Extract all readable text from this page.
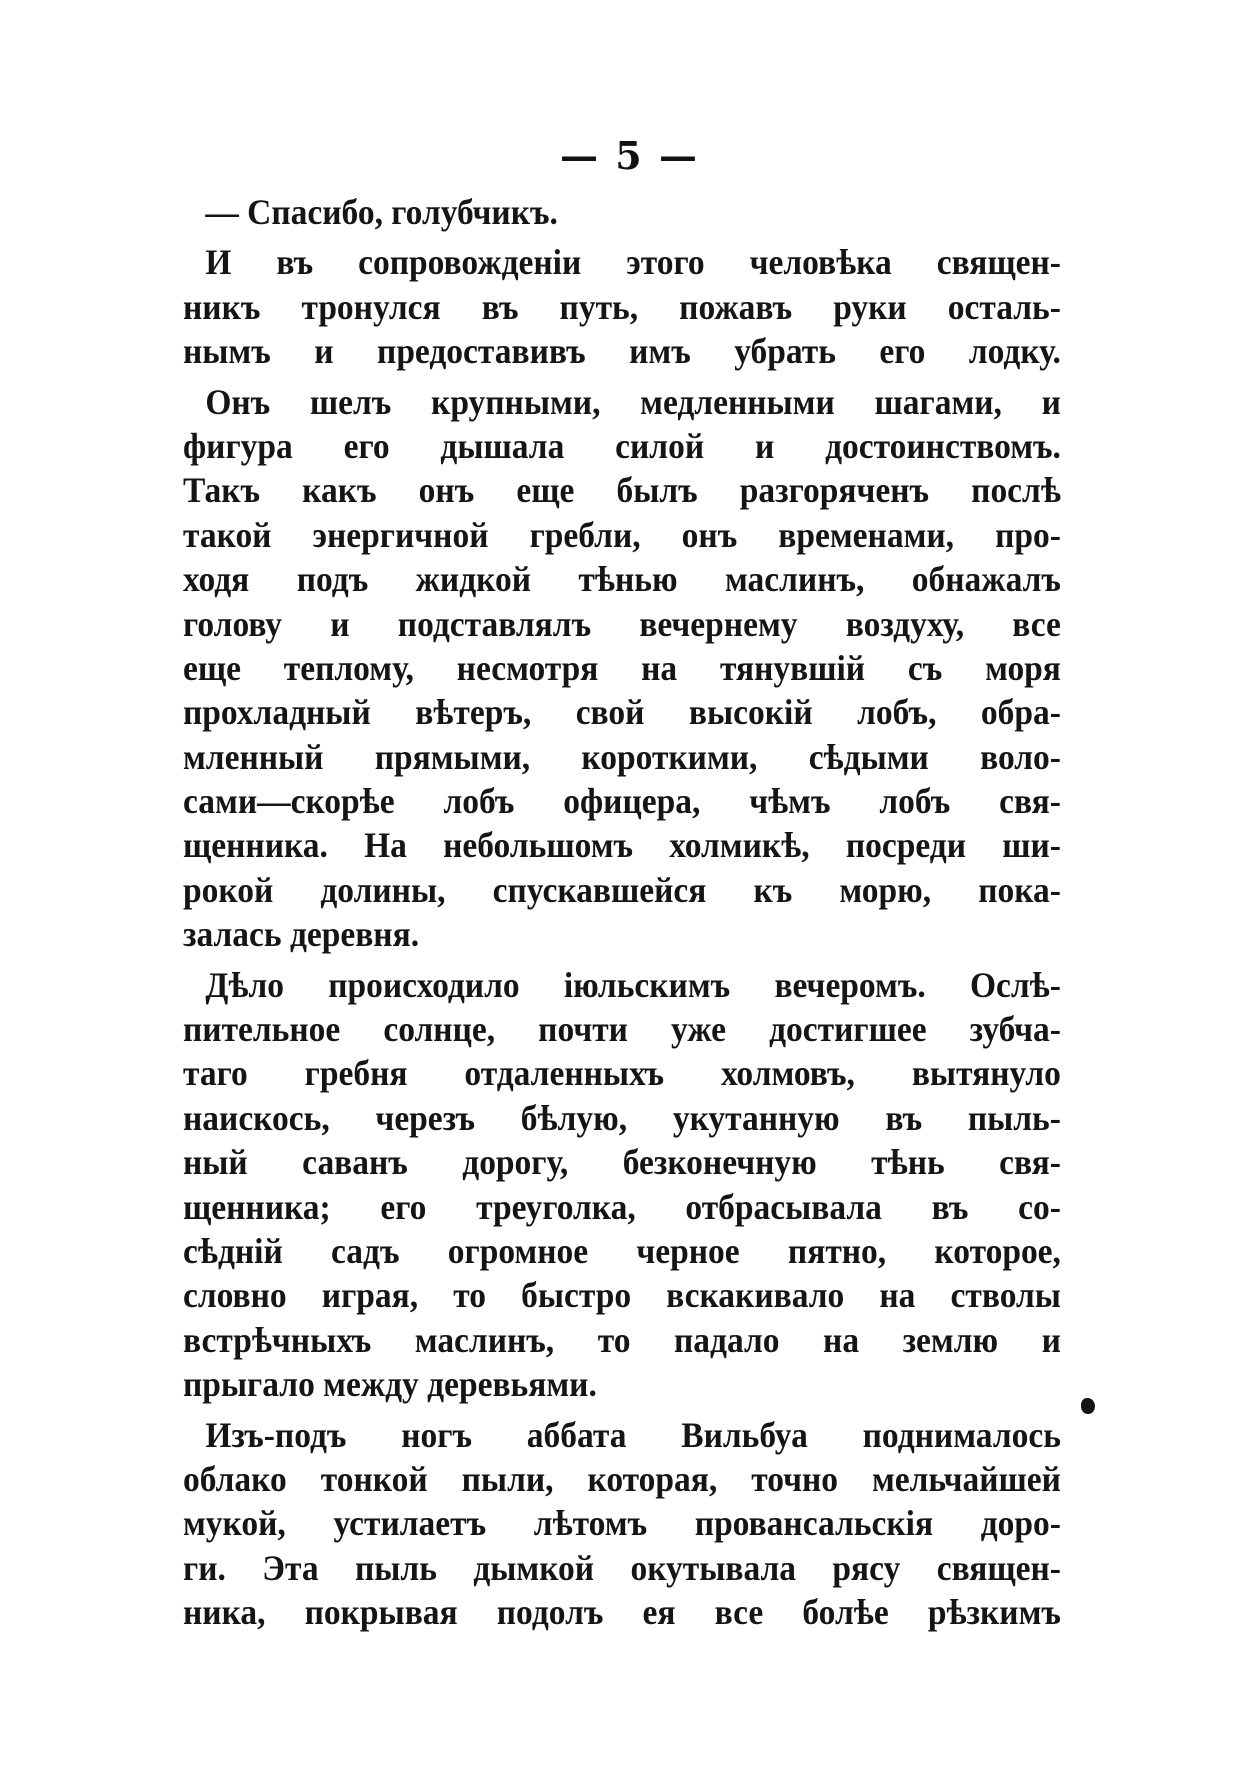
— 5 —
— Спасибо, голубчикъ.
И въ сопровожденіи этого человѣка священ-
никъ тронулся въ путь, пожавъ руки осталь-
нымъ и предоставивъ имъ убрать его лодку.
Онъ шелъ крупными, медленными шагами, и
фигура его дышала силой и достоинствомъ.
Такъ какъ онъ еще былъ разгоряченъ послѣ
такой энергичной гребли, онъ временами, про-
ходя подъ жидкой тѣнью маслинъ, обнажалъ
голову и подставлялъ вечернему воздуху, все
еще теплому, несмотря на тянувшій съ моря
прохладный вѣтеръ, свой высокій лобъ, обра-
мленный прямыми, короткими, сѣдыми воло-
сами—скорѣе лобъ офицера, чѣмъ лобъ свя-
щенника. На небольшомъ холмикѣ, посреди ши-
рокой долины, спускавшейся къ морю, пока-
залась деревня.
Дѣло происходило іюльскимъ вечеромъ. Ослѣ-
пительное солнце, почти уже достигшее зубча-
таго гребня отдаленныхъ холмовъ, вытянуло
наискось, черезъ бѣлую, укутанную въ пыль-
ный саванъ дорогу, безконечную тѣнь свя-
щенника; его треуголка, отбрасывала въ со-
сѣдній садъ огромное черное пятно, которое,
словно играя, то быстро вскакивало на стволы
встрѣчныхъ маслинъ, то падало на землю и
прыгало между деревьями.
Изъ-подъ ногъ аббата Вильбуа поднималось
облако тонкой пыли, которая, точно мельчайшей
мукой, устилаетъ лѣтомъ провансальскія доро-
ги. Эта пыль дымкой окутывала рясу священ-
ника, покрывая подолъ ея все болѣе рѣзкимъ
